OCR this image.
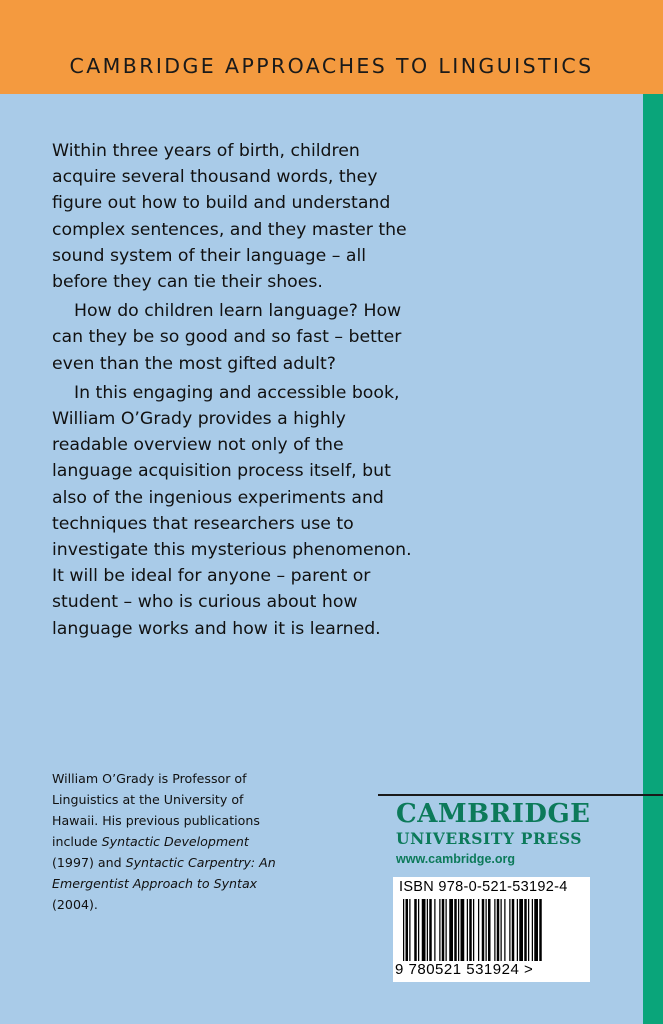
CAMBRIDGE APPROACHES TO LINGUISTICS

Within three years of birth, children acquire several thousand words, they figure out how to build and understand complex sentences, and they master the sound system of their language – all before they can tie their shoes.

How do children learn language? How can they be so good and so fast – better even than the most gifted adult?

In this engaging and accessible book, William O’Grady provides a highly readable overview not only of the language acquisition process itself, but also of the ingenious experiments and techniques that researchers use to investigate this mysterious phenomenon. It will be ideal for anyone – parent or student – who is curious about how language works and how it is learned.

William O’Grady is Professor of Linguistics at the University of Hawaii. His previous publications include Syntactic Development (1997) and Syntactic Carpentry: An Emergentist Approach to Syntax (2004).
CAMBRIDGE
UNIVERSITY PRESS
www.cambridge.org
ISBN 978-0-521-53192-4
9 780521 531924 >
